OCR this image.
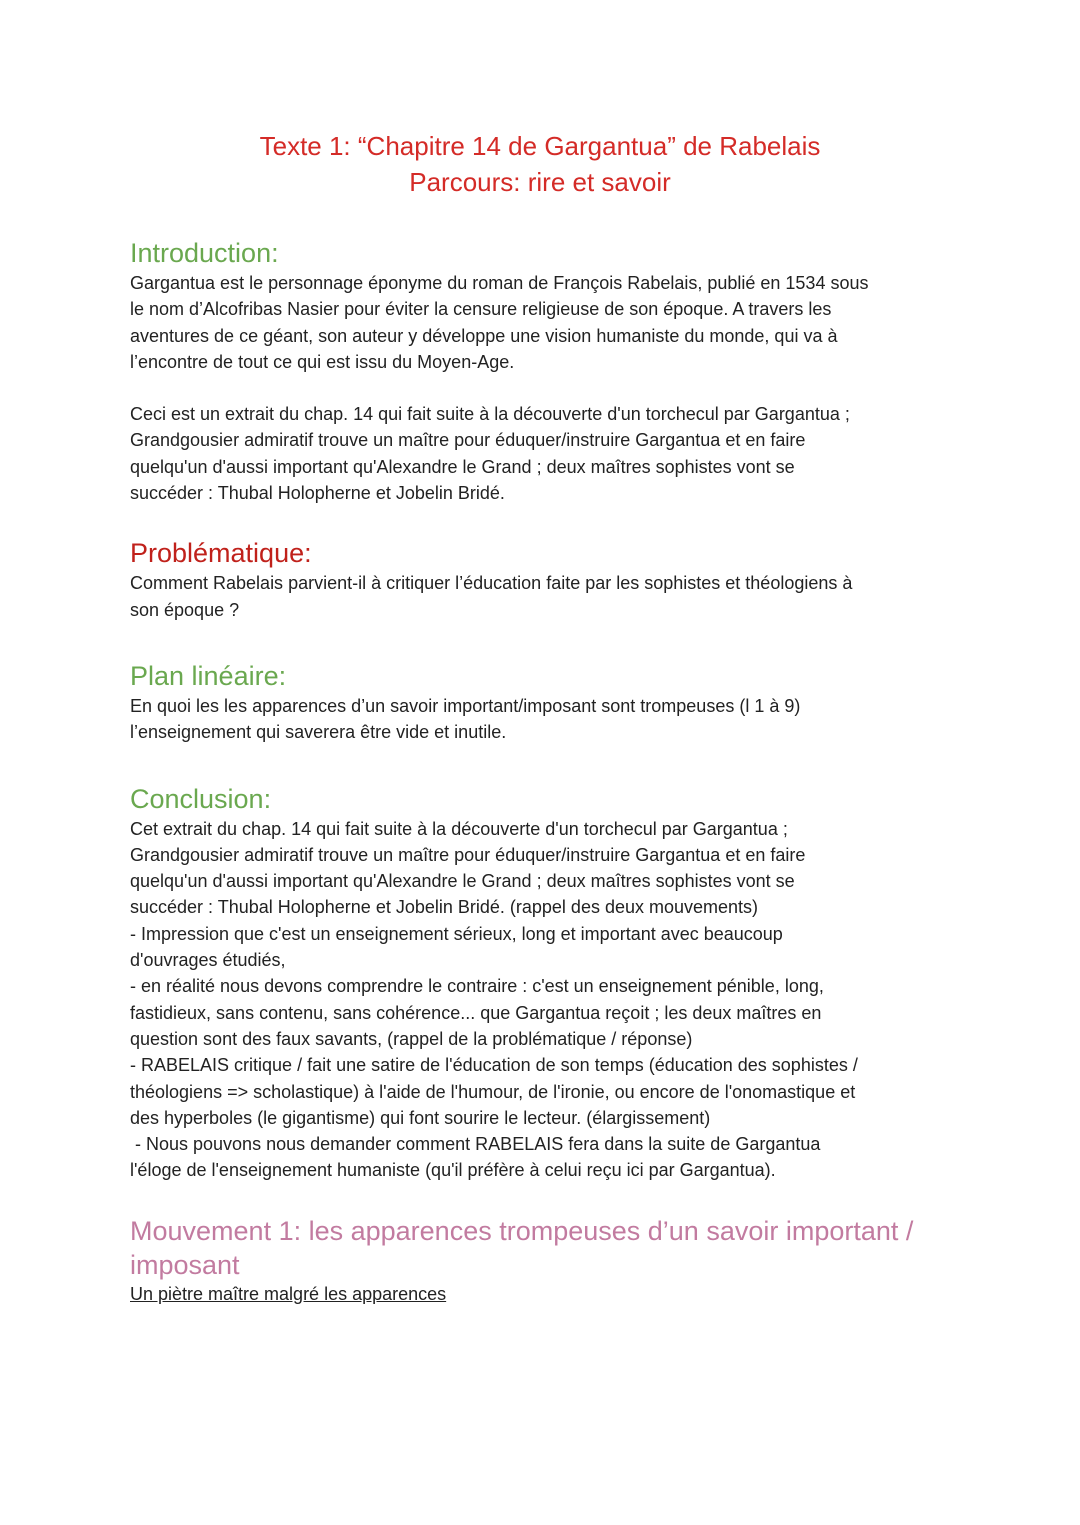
Texte 1: “Chapitre 14 de Gargantua” de Rabelais

Parcours: rire et savoir

Introduction:

Gargantua est le personnage éponyme du roman de François Rabelais, publié en 1534 sous

le nom d’Alcofribas Nasier pour éviter la censure religieuse de son époque. A travers les

aventures de ce géant, son auteur y développe une vision humaniste du monde, qui va à

l’encontre de tout ce qui est issu du Moyen-Age.

Ceci est un extrait du chap. 14 qui fait suite à la découverte d'un torchecul par Gargantua ;

Grandgousier admiratif trouve un maître pour éduquer/instruire Gargantua et en faire

quelqu'un d'aussi important qu'Alexandre le Grand ; deux maîtres sophistes vont se

succéder : Thubal Holopherne et Jobelin Bridé.

Problématique:

Comment Rabelais parvient-il à critiquer l’éducation faite par les sophistes et théologiens à

son époque ?

Plan linéaire:

En quoi les les apparences d’un savoir important/imposant sont trompeuses (l 1 à 9)

l’enseignement qui saverera être vide et inutile.

Conclusion:

Cet extrait du chap. 14 qui fait suite à la découverte d'un torchecul par Gargantua ;

Grandgousier admiratif trouve un maître pour éduquer/instruire Gargantua et en faire

quelqu'un d'aussi important qu'Alexandre le Grand ; deux maîtres sophistes vont se

succéder : Thubal Holopherne et Jobelin Bridé. (rappel des deux mouvements)

- Impression que c'est un enseignement sérieux, long et important avec beaucoup

d'ouvrages étudiés,

- en réalité nous devons comprendre le contraire : c'est un enseignement pénible, long,

fastidieux, sans contenu, sans cohérence... que Gargantua reçoit ; les deux maîtres en

question sont des faux savants, (rappel de la problématique / réponse)

- RABELAIS critique / fait une satire de l'éducation de son temps (éducation des sophistes /

théologiens => scholastique) à l'aide de l'humour, de l'ironie, ou encore de l'onomastique et

des hyperboles (le gigantisme) qui font sourire le lecteur. (élargissement)

- Nous pouvons nous demander comment RABELAIS fera dans la suite de Gargantua

l'éloge de l'enseignement humaniste (qu'il préfère à celui reçu ici par Gargantua).

Mouvement 1: les apparences trompeuses d’un savoir important /
imposant

Un piètre maître malgré les apparences
